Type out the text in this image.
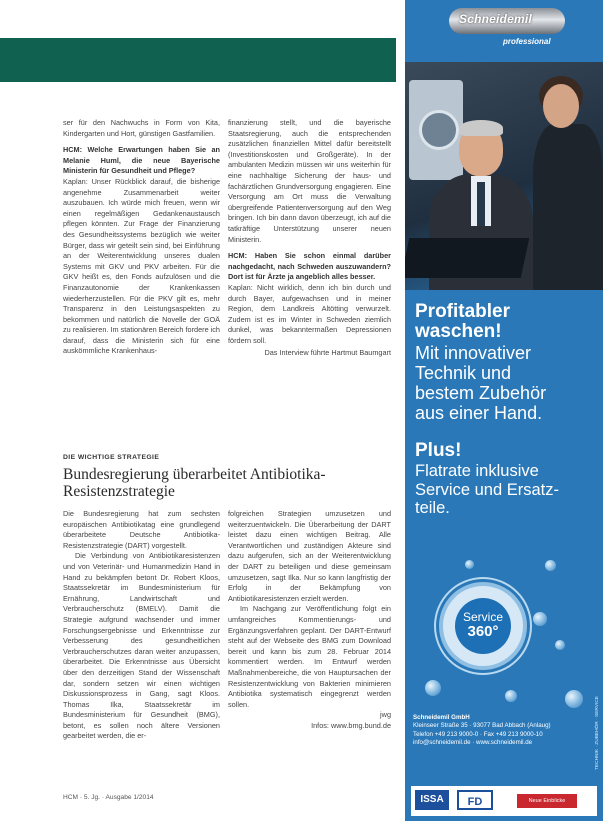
ser für den Nachwuchs in Form von Kita, Kindergarten und Hort, günstigen Gastfamilien.

HCM: Welche Erwartungen haben Sie an Melanie Huml, die neue Bayerische Ministerin für Gesundheit und Pflege?

Kaplan: Unser Rückblick darauf, die bisherige angenehme Zusammenarbeit weiter auszubauen. Ich würde mich freuen, wenn wir einen regelmäßigen Gedankenaustausch pflegen könnten. Zur Frage der Finanzierung des Gesundheitssystems bezüglich wie weiter Bürger, dass wir geteilt sein sind, bei Einführung an der Weiterentwicklung unseres dualen Systems mit GKV und PKV arbeiten. Für die GKV heißt es, den Fonds aufzulösen und die Finanzautonomie der Krankenkassen wiederherzustellen. Für die PKV gilt es, mehr Transparenz in den Leistungsaspekten zu bekommen und natürlich die Novelle der GOÄ zu realisieren. Im stationären Bereich fordere ich darauf, dass die Ministerin sich für eine auskömmliche Krankenhaus-

finanzierung stellt, und die bayerische Staatsregierung, auch die entsprechenden zusätzlichen finanziellen Mittel dafür bereitstellt (Investitionskosten und Großgeräte). In der ambulanten Medizin müssen wir uns weiterhin für eine nachhaltige Sicherung der haus- und fachärztlichen Grundversorgung engagieren. Eine Versorgung am Ort muss die Verwaltung übergreifende Patientenversorgung auf den Weg bringen. Ich bin dann davon überzeugt, ich auf die tatkräftige Unterstützung unserer neuen Ministerin.

HCM: Haben Sie schon einmal darüber nachgedacht, nach Schweden auszuwandern? Dort ist für Ärzte ja angeblich alles besser.

Kaplan: Nicht wirklich, denn ich bin durch und durch Bayer, aufgewachsen und in meiner Region, dem Landkreis Altötting verwurzelt. Zudem ist es im Winter in Schweden ziemlich dunkel, was bekanntermaßen Depressionen fördern soll.

Das Interview führte Hartmut Baumgart

DIE WICHTIGE STRATEGIE
Bundesregierung überarbeitet Antibiotika-
Resistenzstrategie

Die Bundesregierung hat zum sechsten europäischen Antibiotikatag eine grundlegend überarbeitete Deutsche Antibiotika-Resistenzstrategie (DART) vorgestellt.

Die Verbindung von Antibiotikaresistenzen und von Veterinär- und Humanmedizin Hand in Hand zu bekämpfen betont Dr. Robert Kloos, Staatssekretär im Bundesministerium für Ernährung, Landwirtschaft und Verbraucherschutz (BMELV). Damit die Strategie aufgrund wachsender und immer Forschungsergebnisse und Erkenntnisse zur Verbesserung des gesundheitlichen Verbraucherschutzes daran weiter anzupassen, überarbeitet. Die Erkenntnisse aus Übersicht über den derzeitigen Stand der Wissenschaft dar, sondern setzen wir einen wichtigen Diskussionsprozess in Gang, sagt Kloos. Thomas Ilka, Staatssekretär im Bundesministerium für Gesundheit (BMG), betont, es sollen noch ältere Versionen gearbeitet werden, die er-

folgreichen Strategien umzusetzen und weiterzuentwickeln. Die Überarbeitung der DART leistet dazu einen wichtigen Beitrag. Alle Verantwortlichen und zuständigen Akteure sind dazu aufgerufen, sich an der Weiterentwicklung der DART zu beteiligen und diese gemeinsam umzusetzen, sagt Ilka. Nur so kann langfristig der Erfolg in der Bekämpfung von Antibiotikaresistenzen erzielt werden.

Im Nachgang zur Veröffentlichung folgt ein umfangreiches Kommentierungs- und Ergänzungsverfahren geplant. Der DART-Entwurf steht auf der Webseite des BMG zum Download bereit und kann bis zum 28. Februar 2014 kommentiert werden. Im Entwurf werden Maßnahmenbereiche, die von Hauptursachen der Resistenzentwicklung von Bakterien minimieren Antibiotika systematisch eingegrenzt werden sollen.

jwg

Infos: www.bmg.bund.de

HCM · 5. Jg. · Ausgabe 1/2014
Schneidemil
professional
Profitabler
waschen!
Mit innovativer
Technik und
bestem Zubehör
aus einer Hand.
Plus!
Flatrate inklusive
Service und Ersatz-
teile.
Service
360°
Schneidemil GmbH
Kleinseer Straße 35 · 93077 Bad Abbach (Anlaug)
Telefon +49 213 9000-0 · Fax +49 213 9000-10
info@schneidemil.de · www.schneidemil.de
ISSA	FD	Neue Einblicke
TECHNIK · ZUBEHÖR · SERVICE
